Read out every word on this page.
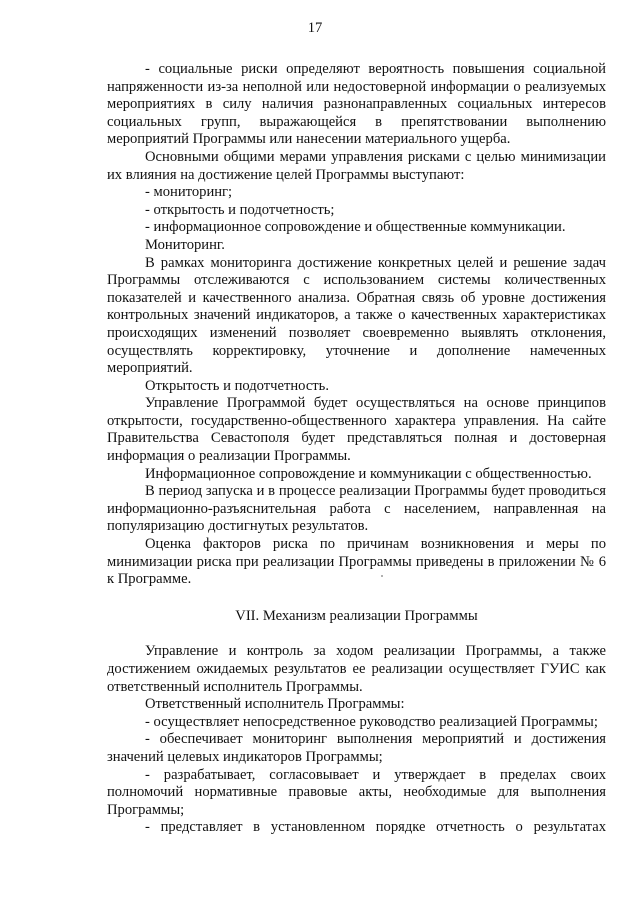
17

- социальные риски определяют вероятность повышения социальной напряженности из-за неполной или недостоверной информации о реализуемых мероприятиях в силу наличия разнонаправленных социальных интересов социальных групп, выражающейся в препятствовании выполнению мероприятий Программы или нанесении материального ущерба.

Основными общими мерами управления рисками с целью минимизации их влияния на достижение целей Программы выступают:

- мониторинг;

- открытость и подотчетность;

- информационное сопровождение и общественные коммуникации.

Мониторинг.

В рамках мониторинга достижение конкретных целей и решение задач Программы отслеживаются с использованием системы количественных показателей и качественного анализа. Обратная связь об уровне достижения контрольных значений индикаторов, а также о качественных характеристиках происходящих изменений позволяет своевременно выявлять отклонения, осуществлять корректировку, уточнение и дополнение намеченных мероприятий.

Открытость и подотчетность.

Управление Программой будет осуществляться на основе принципов открытости, государственно-общественного характера управления. На сайте Правительства Севастополя будет представляться полная и достоверная информация о реализации Программы.

Информационное сопровождение и коммуникации с общественностью.

В период запуска и в процессе реализации Программы будет проводиться информационно-разъяснительная работа с населением, направленная на популяризацию достигнутых результатов.

Оценка факторов риска по причинам возникновения и меры по минимизации риска при реализации Программы приведены в приложении № 6 к Программе.

VII. Механизм реализации Программы

Управление и контроль за ходом реализации Программы, а также достижением ожидаемых результатов ее реализации осуществляет ГУИС как ответственный исполнитель Программы.

Ответственный исполнитель Программы:

- осуществляет непосредственное руководство реализацией Программы;

- обеспечивает мониторинг выполнения мероприятий и достижения значений целевых индикаторов Программы;

- разрабатывает, согласовывает и утверждает в пределах своих полномочий нормативные правовые акты, необходимые для выполнения Программы;

- представляет в установленном порядке отчетность о результатах
